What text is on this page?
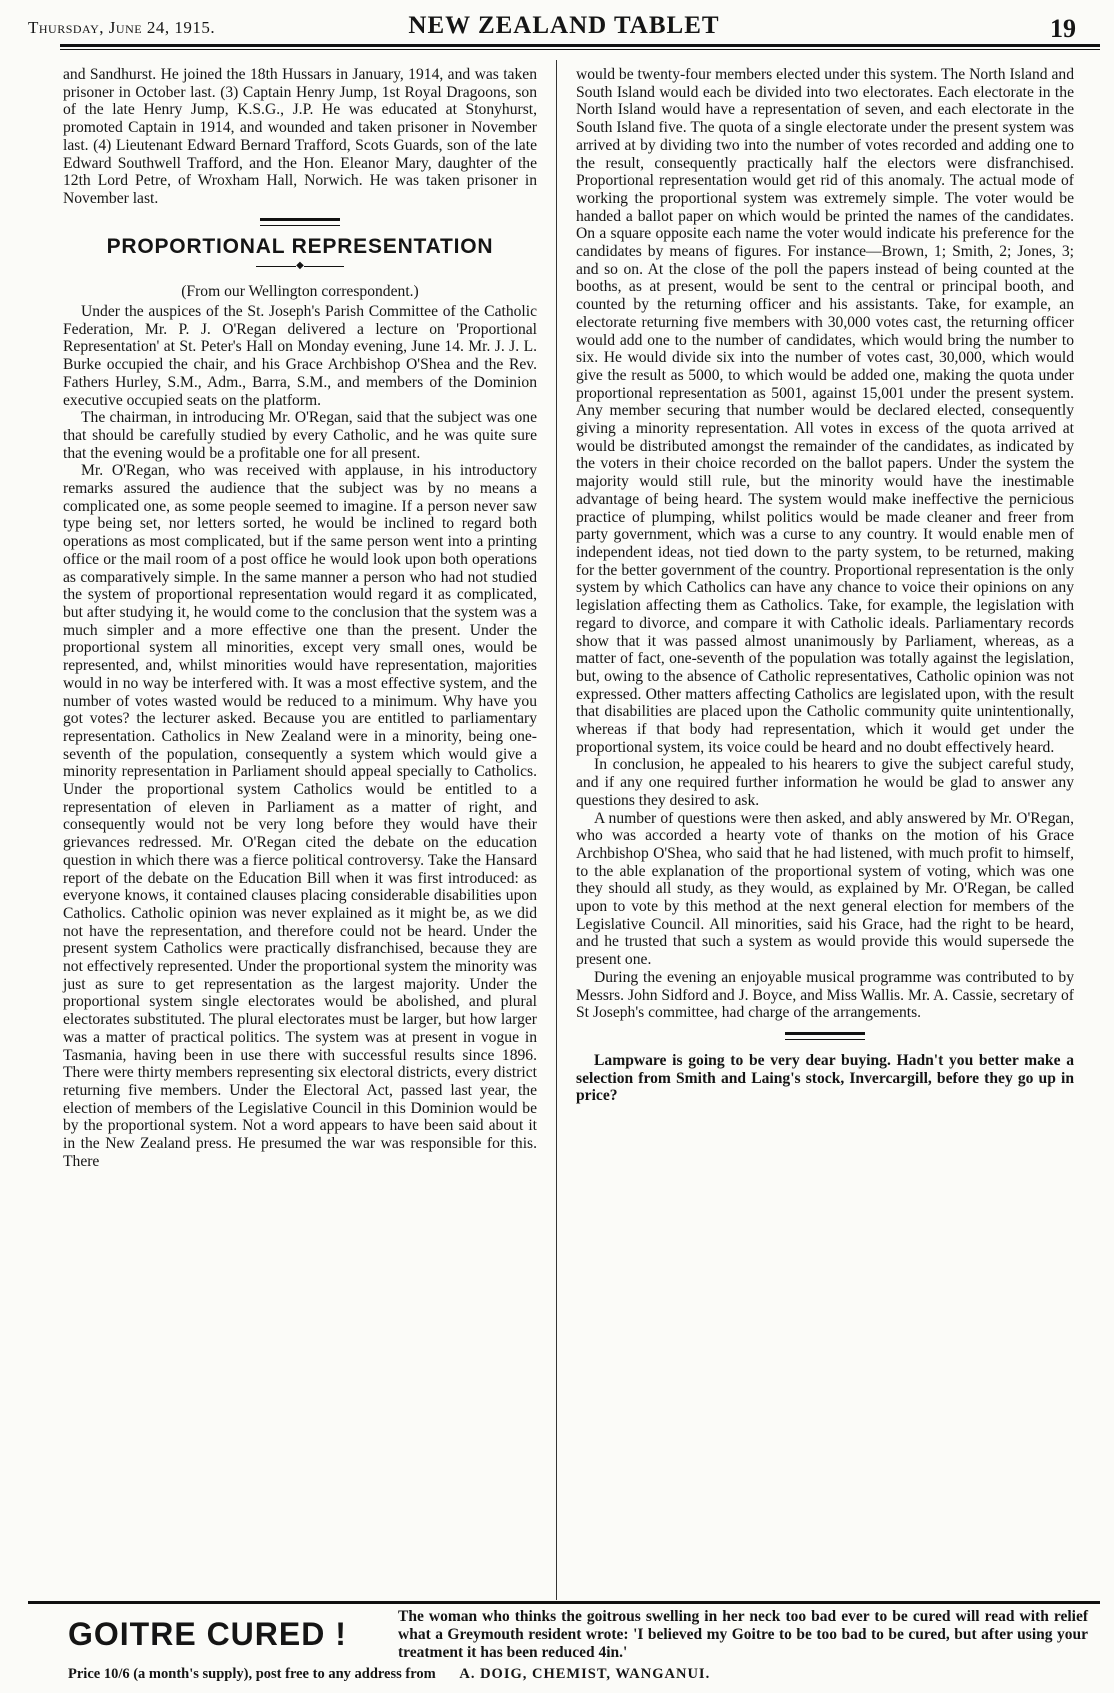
Thursday, June 24, 1915.	NEW ZEALAND TABLET	19

and Sandhurst. He joined the 18th Hussars in January, 1914, and was taken prisoner in October last. (3) Captain Henry Jump, 1st Royal Dragoons, son of the late Henry Jump, K.S.G., J.P. He was educated at Stonyhurst, promoted Captain in 1914, and wounded and taken prisoner in November last. (4) Lieutenant Edward Bernard Trafford, Scots Guards, son of the late Edward Southwell Trafford, and the Hon. Eleanor Mary, daughter of the 12th Lord Petre, of Wroxham Hall, Norwich. He was taken prisoner in November last.

PROPORTIONAL REPRESENTATION
◆

(From our Wellington correspondent.)

Under the auspices of the St. Joseph's Parish Committee of the Catholic Federation, Mr. P. J. O'Regan delivered a lecture on 'Proportional Representation' at St. Peter's Hall on Monday evening, June 14. Mr. J. J. L. Burke occupied the chair, and his Grace Archbishop O'Shea and the Rev. Fathers Hurley, S.M., Adm., Barra, S.M., and members of the Dominion executive occupied seats on the platform.

The chairman, in introducing Mr. O'Regan, said that the subject was one that should be carefully studied by every Catholic, and he was quite sure that the evening would be a profitable one for all present.

Mr. O'Regan, who was received with applause, in his introductory remarks assured the audience that the subject was by no means a complicated one, as some people seemed to imagine. If a person never saw type being set, nor letters sorted, he would be inclined to regard both operations as most complicated, but if the same person went into a printing office or the mail room of a post office he would look upon both operations as comparatively simple. In the same manner a person who had not studied the system of proportional representation would regard it as complicated, but after studying it, he would come to the conclusion that the system was a much simpler and a more effective one than the present. Under the proportional system all minorities, except very small ones, would be represented, and, whilst minorities would have representation, majorities would in no way be interfered with. It was a most effective system, and the number of votes wasted would be reduced to a minimum. Why have you got votes? the lecturer asked. Because you are entitled to parliamentary representation. Catholics in New Zealand were in a minority, being one-seventh of the population, consequently a system which would give a minority representation in Parliament should appeal specially to Catholics. Under the proportional system Catholics would be entitled to a representation of eleven in Parliament as a matter of right, and consequently would not be very long before they would have their grievances redressed. Mr. O'Regan cited the debate on the education question in which there was a fierce political controversy. Take the Hansard report of the debate on the Education Bill when it was first introduced: as everyone knows, it contained clauses placing considerable disabilities upon Catholics. Catholic opinion was never explained as it might be, as we did not have the representation, and therefore could not be heard. Under the present system Catholics were practically disfranchised, because they are not effectively represented. Under the proportional system the minority was just as sure to get representation as the largest majority. Under the proportional system single electorates would be abolished, and plural electorates substituted. The plural electorates must be larger, but how larger was a matter of practical politics. The system was at present in vogue in Tasmania, having been in use there with successful results since 1896. There were thirty members representing six electoral districts, every district returning five members. Under the Electoral Act, passed last year, the election of members of the Legislative Council in this Dominion would be by the proportional system. Not a word appears to have been said about it in the New Zealand press. He presumed the war was responsible for this. There

would be twenty-four members elected under this system. The North Island and South Island would each be divided into two electorates. Each electorate in the North Island would have a representation of seven, and each electorate in the South Island five. The quota of a single electorate under the present system was arrived at by dividing two into the number of votes recorded and adding one to the result, consequently practically half the electors were disfranchised. Proportional representation would get rid of this anomaly. The actual mode of working the proportional system was extremely simple. The voter would be handed a ballot paper on which would be printed the names of the candidates. On a square opposite each name the voter would indicate his preference for the candidates by means of figures. For instance—Brown, 1; Smith, 2; Jones, 3; and so on. At the close of the poll the papers instead of being counted at the booths, as at present, would be sent to the central or principal booth, and counted by the returning officer and his assistants. Take, for example, an electorate returning five members with 30,000 votes cast, the returning officer would add one to the number of candidates, which would bring the number to six. He would divide six into the number of votes cast, 30,000, which would give the result as 5000, to which would be added one, making the quota under proportional representation as 5001, against 15,001 under the present system. Any member securing that number would be declared elected, consequently giving a minority representation. All votes in excess of the quota arrived at would be distributed amongst the remainder of the candidates, as indicated by the voters in their choice recorded on the ballot papers. Under the system the majority would still rule, but the minority would have the inestimable advantage of being heard. The system would make ineffective the pernicious practice of plumping, whilst politics would be made cleaner and freer from party government, which was a curse to any country. It would enable men of independent ideas, not tied down to the party system, to be returned, making for the better government of the country. Proportional representation is the only system by which Catholics can have any chance to voice their opinions on any legislation affecting them as Catholics. Take, for example, the legislation with regard to divorce, and compare it with Catholic ideals. Parliamentary records show that it was passed almost unanimously by Parliament, whereas, as a matter of fact, one-seventh of the population was totally against the legislation, but, owing to the absence of Catholic representatives, Catholic opinion was not expressed. Other matters affecting Catholics are legislated upon, with the result that disabilities are placed upon the Catholic community quite unintentionally, whereas if that body had representation, which it would get under the proportional system, its voice could be heard and no doubt effectively heard.

In conclusion, he appealed to his hearers to give the subject careful study, and if any one required further information he would be glad to answer any questions they desired to ask.

A number of questions were then asked, and ably answered by Mr. O'Regan, who was accorded a hearty vote of thanks on the motion of his Grace Archbishop O'Shea, who said that he had listened, with much profit to himself, to the able explanation of the proportional system of voting, which was one they should all study, as they would, as explained by Mr. O'Regan, be called upon to vote by this method at the next general election for members of the Legislative Council. All minorities, said his Grace, had the right to be heard, and he trusted that such a system as would provide this would supersede the present one.

During the evening an enjoyable musical programme was contributed to by Messrs. John Sidford and J. Boyce, and Miss Wallis. Mr. A. Cassie, secretary of St Joseph's committee, had charge of the arrangements.

Lampware is going to be very dear buying. Hadn't you better make a selection from Smith and Laing's stock, Invercargill, before they go up in price?

GOITRE CURED !	The woman who thinks the goitrous swelling in her neck too bad ever to be cured will read with relief what a Greymouth resident wrote: 'I believed my Goitre to be too bad to be cured, but after using your treatment it has been reduced 4in.'
Price 10/6 (a month's supply), post free to any address from A. DOIG, CHEMIST, WANGANUI.
